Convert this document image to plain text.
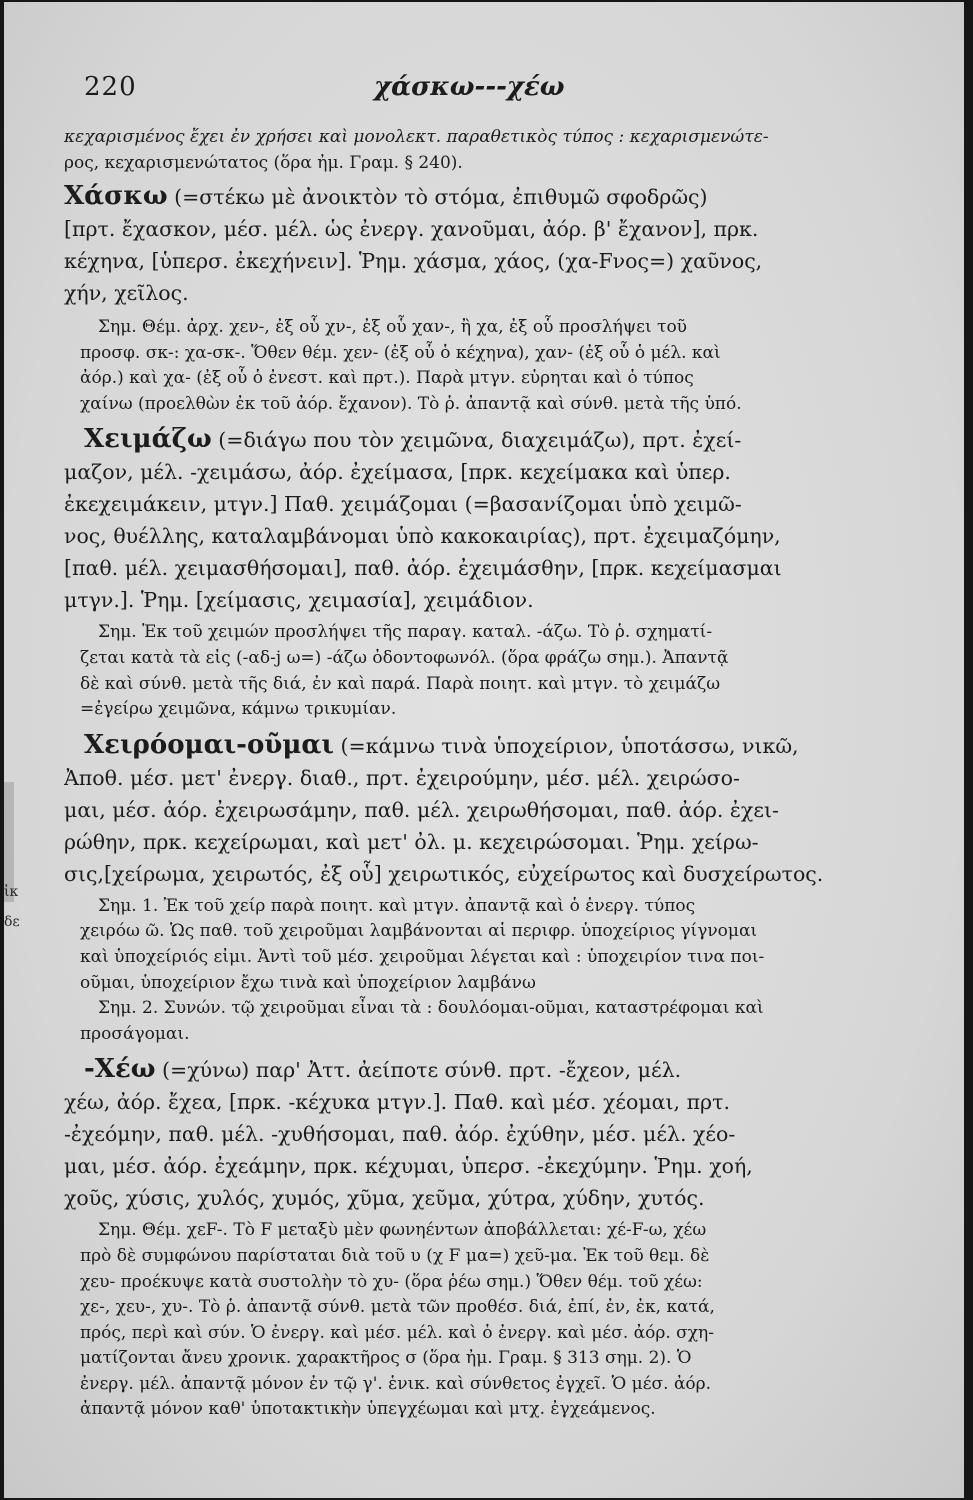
ἰκ
δε
220	χάσκω---χέω
κεχαρισμένος ἔχει ἐν χρήσει καὶ μονολεκτ. παραθετικὸς τύπος : κεχαρισμενώτε-
ρος, κεχαρισμενώτατος (ὅρα ἠμ. Γραμ. § 240).
Χάσκω (=στέκω μὲ ἀνοικτὸν τὸ στόμα, ἐπιθυμῶ σφοδρῶς)
[πρτ. ἔχασκον, μέσ. μέλ. ὡς ἐνεργ. χανοῦμαι, ἀόρ. β' ἔχανον], πρκ.
κέχηνα, [ὑπερσ. ἐκεχήνειν]. Ῥημ. χάσμα, χάος, (χα-Fνος=) χαῦνος,
χήν, χεῖλος.
Σημ. Θέμ. ἀρχ. χεν-, ἐξ οὗ χν-, ἐξ οὗ χαν-, ἢ χα, ἐξ οὗ προσλήψει τοῦ
προσφ. σκ-: χα-σκ-. Ὅθεν θέμ. χεν- (ἐξ οὗ ὁ κέχηνα), χαν- (ἐξ οὗ ὁ μέλ. καὶ
ἀόρ.) καὶ χα- (ἐξ οὗ ὁ ἐνεστ. καὶ πρτ.). Παρὰ μτγν. εὑρηται καὶ ὁ τύπος
χαίνω (προελθὼν ἐκ τοῦ ἀόρ. ἔχανον). Τὸ ῥ. ἀπαντᾷ καὶ σύνθ. μετὰ τῆς ὑπό.
Χειμάζω (=διάγω που τὸν χειμῶνα, διαχειμάζω), πρτ. ἐχεί-
μαζον, μέλ. -χειμάσω, ἀόρ. ἐχείμασα, [πρκ. κεχείμακα καὶ ὑπερ.
ἐκεχειμάκειν, μτγν.] Παθ. χειμάζομαι (=βασανίζομαι ὑπὸ χειμῶ-
νος, θυέλλης, καταλαμβάνομαι ὑπὸ κακοκαιρίας), πρτ. ἐχειμαζόμην,
[παθ. μέλ. χειμασθήσομαι], παθ. ἀόρ. ἐχειμάσθην, [πρκ. κεχείμασμαι
μτγν.]. Ῥημ. [χείμασις, χειμασία], χειμάδιον.
Σημ. Ἐκ τοῦ χειμών προσλήψει τῆς παραγ. καταλ. -άζω. Τὸ ῥ. σχηματί-
ζεται κατὰ τὰ εἰς (-αδ-j ω=) -άζω ὀδοντοφωνόλ. (ὅρα φράζω σημ.). Ἀπαντᾷ
δὲ καὶ σύνθ. μετὰ τῆς διά, ἐν καὶ παρά. Παρὰ ποιητ. καὶ μτγν. τὸ χειμάζω
=ἐγείρω χειμῶνα, κάμνω τρικυμίαν.
Χειρόομαι-οῦμαι (=κάμνω τινὰ ὑποχείριον, ὑποτάσσω, νικῶ,
Ἀποθ. μέσ. μετ' ἐνεργ. διαθ., πρτ. ἐχειρούμην, μέσ. μέλ. χειρώσο-
μαι, μέσ. ἀόρ. ἐχειρωσάμην, παθ. μέλ. χειρωθήσομαι, παθ. ἀόρ. ἐχει-
ρώθην, πρκ. κεχείρωμαι, καὶ μετ' ὀλ. μ. κεχειρώσομαι. Ῥημ. χείρω-
σις,[χείρωμα, χειρωτός, ἐξ οὗ] χειρωτικός, εὐχείρωτος καὶ δυσχείρωτος.
Σημ. 1. Ἐκ τοῦ χείρ παρὰ ποιητ. καὶ μτγν. ἀπαντᾷ καὶ ὁ ἐνεργ. τύπος
χειρόω ῶ. Ὡς παθ. τοῦ χειροῦμαι λαμβάνονται αἱ περιφρ. ὑποχείριος γίγνομαι
καὶ ὑποχείριός εἰμι. Ἀντὶ τοῦ μέσ. χειροῦμαι λέγεται καὶ : ὑποχειρίον τινα ποι-
οῦμαι, ὑποχείριον ἔχω τινὰ καὶ ὑποχείριον λαμβάνω
Σημ. 2. Συνών. τῷ χειροῦμαι εἶναι τὰ : δουλόομαι-οῦμαι, καταστρέφομαι καὶ
προσάγομαι.
-Χέω (=χύνω) παρ' Ἀττ. ἀείποτε σύνθ. πρτ. -ἔχεον, μέλ.
χέω, ἀόρ. ἔχεα, [πρκ. -κέχυκα μτγν.]. Παθ. καὶ μέσ. χέομαι, πρτ.
-ἐχεόμην, παθ. μέλ. -χυθήσομαι, παθ. ἀόρ. ἐχύθην, μέσ. μέλ. χέο-
μαι, μέσ. ἀόρ. ἐχεάμην, πρκ. κέχυμαι, ὑπερσ. -ἐκεχύμην. Ῥημ. χοή,
χοῦς, χύσις, χυλός, χυμός, χῦμα, χεῦμα, χύτρα, χύδην, χυτός.
Σημ. Θέμ. χεF-. Τὸ F μεταξὺ μὲν φωνηέντων ἀποβάλλεται: χέ-F-ω, χέω
πρὸ δὲ συμφώνου παρίσταται διὰ τοῦ υ (χ F μα=) χεῦ-μα. Ἐκ τοῦ θεμ. δὲ
χευ- προέκυψε κατὰ συστολὴν τὸ χυ- (ὅρα ῥέω σημ.) Ὅθεν θέμ. τοῦ χέω:
χε-, χευ-, χυ-. Τὸ ῥ. ἀπαντᾷ σύνθ. μετὰ τῶν προθέσ. διά, ἐπί, ἐν, ἐκ, κατά,
πρός, περὶ καὶ σύν. Ὁ ἐνεργ. καὶ μέσ. μέλ. καὶ ὁ ἐνεργ. καὶ μέσ. ἀόρ. σχη-
ματίζονται ἄνευ χρονικ. χαρακτῆρος σ (ὅρα ἠμ. Γραμ. § 313 σημ. 2). Ὁ
ἐνεργ. μέλ. ἀπαντᾷ μόνον ἐν τῷ γ'. ἑνικ. καὶ σύνθετος ἐγχεῖ. Ὁ μέσ. ἀόρ.
ἀπαντᾷ μόνον καθ' ὑποτακτικὴν ὑπεγχέωμαι καὶ μτχ. ἐγχεάμενος.
